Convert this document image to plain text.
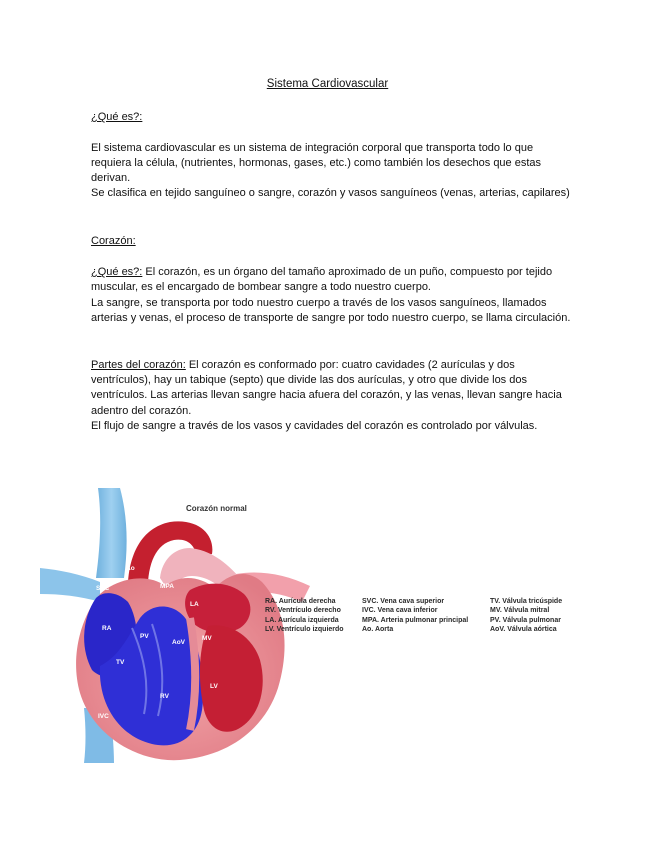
Sistema Cardiovascular

¿Qué es?:

El sistema cardiovascular es un sistema de integración corporal que transporta todo lo que requiera la célula, (nutrientes, hormonas, gases, etc.) como también los desechos que estas derivan.

Se clasifica en tejido sanguíneo o sangre, corazón y vasos sanguíneos (venas, arterias, capilares)

Corazón:

¿Qué es?: El corazón, es un órgano del tamaño aproximado de un puño, compuesto por tejido muscular, es el encargado de bombear sangre a todo nuestro cuerpo.

La sangre, se transporta por todo nuestro cuerpo a través de los vasos sanguíneos, llamados arterias y venas, el proceso de transporte de sangre por todo nuestro cuerpo, se llama circulación.

Partes del corazón: El corazón es conformado por: cuatro cavidades (2 aurículas y dos ventrículos), hay un tabique (septo) que divide las dos aurículas, y otro que divide los dos ventrículos. Las arterias llevan sangre hacia afuera del corazón, y las venas, llevan sangre hacia adentro del corazón.

El flujo de sangre a través de los vasos y cavidades del corazón es controlado por válvulas.

Corazón normal
SVC
Ao
MPA
LA
RA
PV
AoV
MV
TV
LV
RV
IVC
RA. Aurícula derecha
RV. Ventrículo derecho
LA. Aurícula izquierda
LV. Ventrículo izquierdo
SVC. Vena cava superior
IVC. Vena cava inferior
MPA. Arteria pulmonar principal
Ao. Aorta
TV. Válvula tricúspide
MV. Válvula mitral
PV. Válvula pulmonar
AoV. Válvula aórtica
